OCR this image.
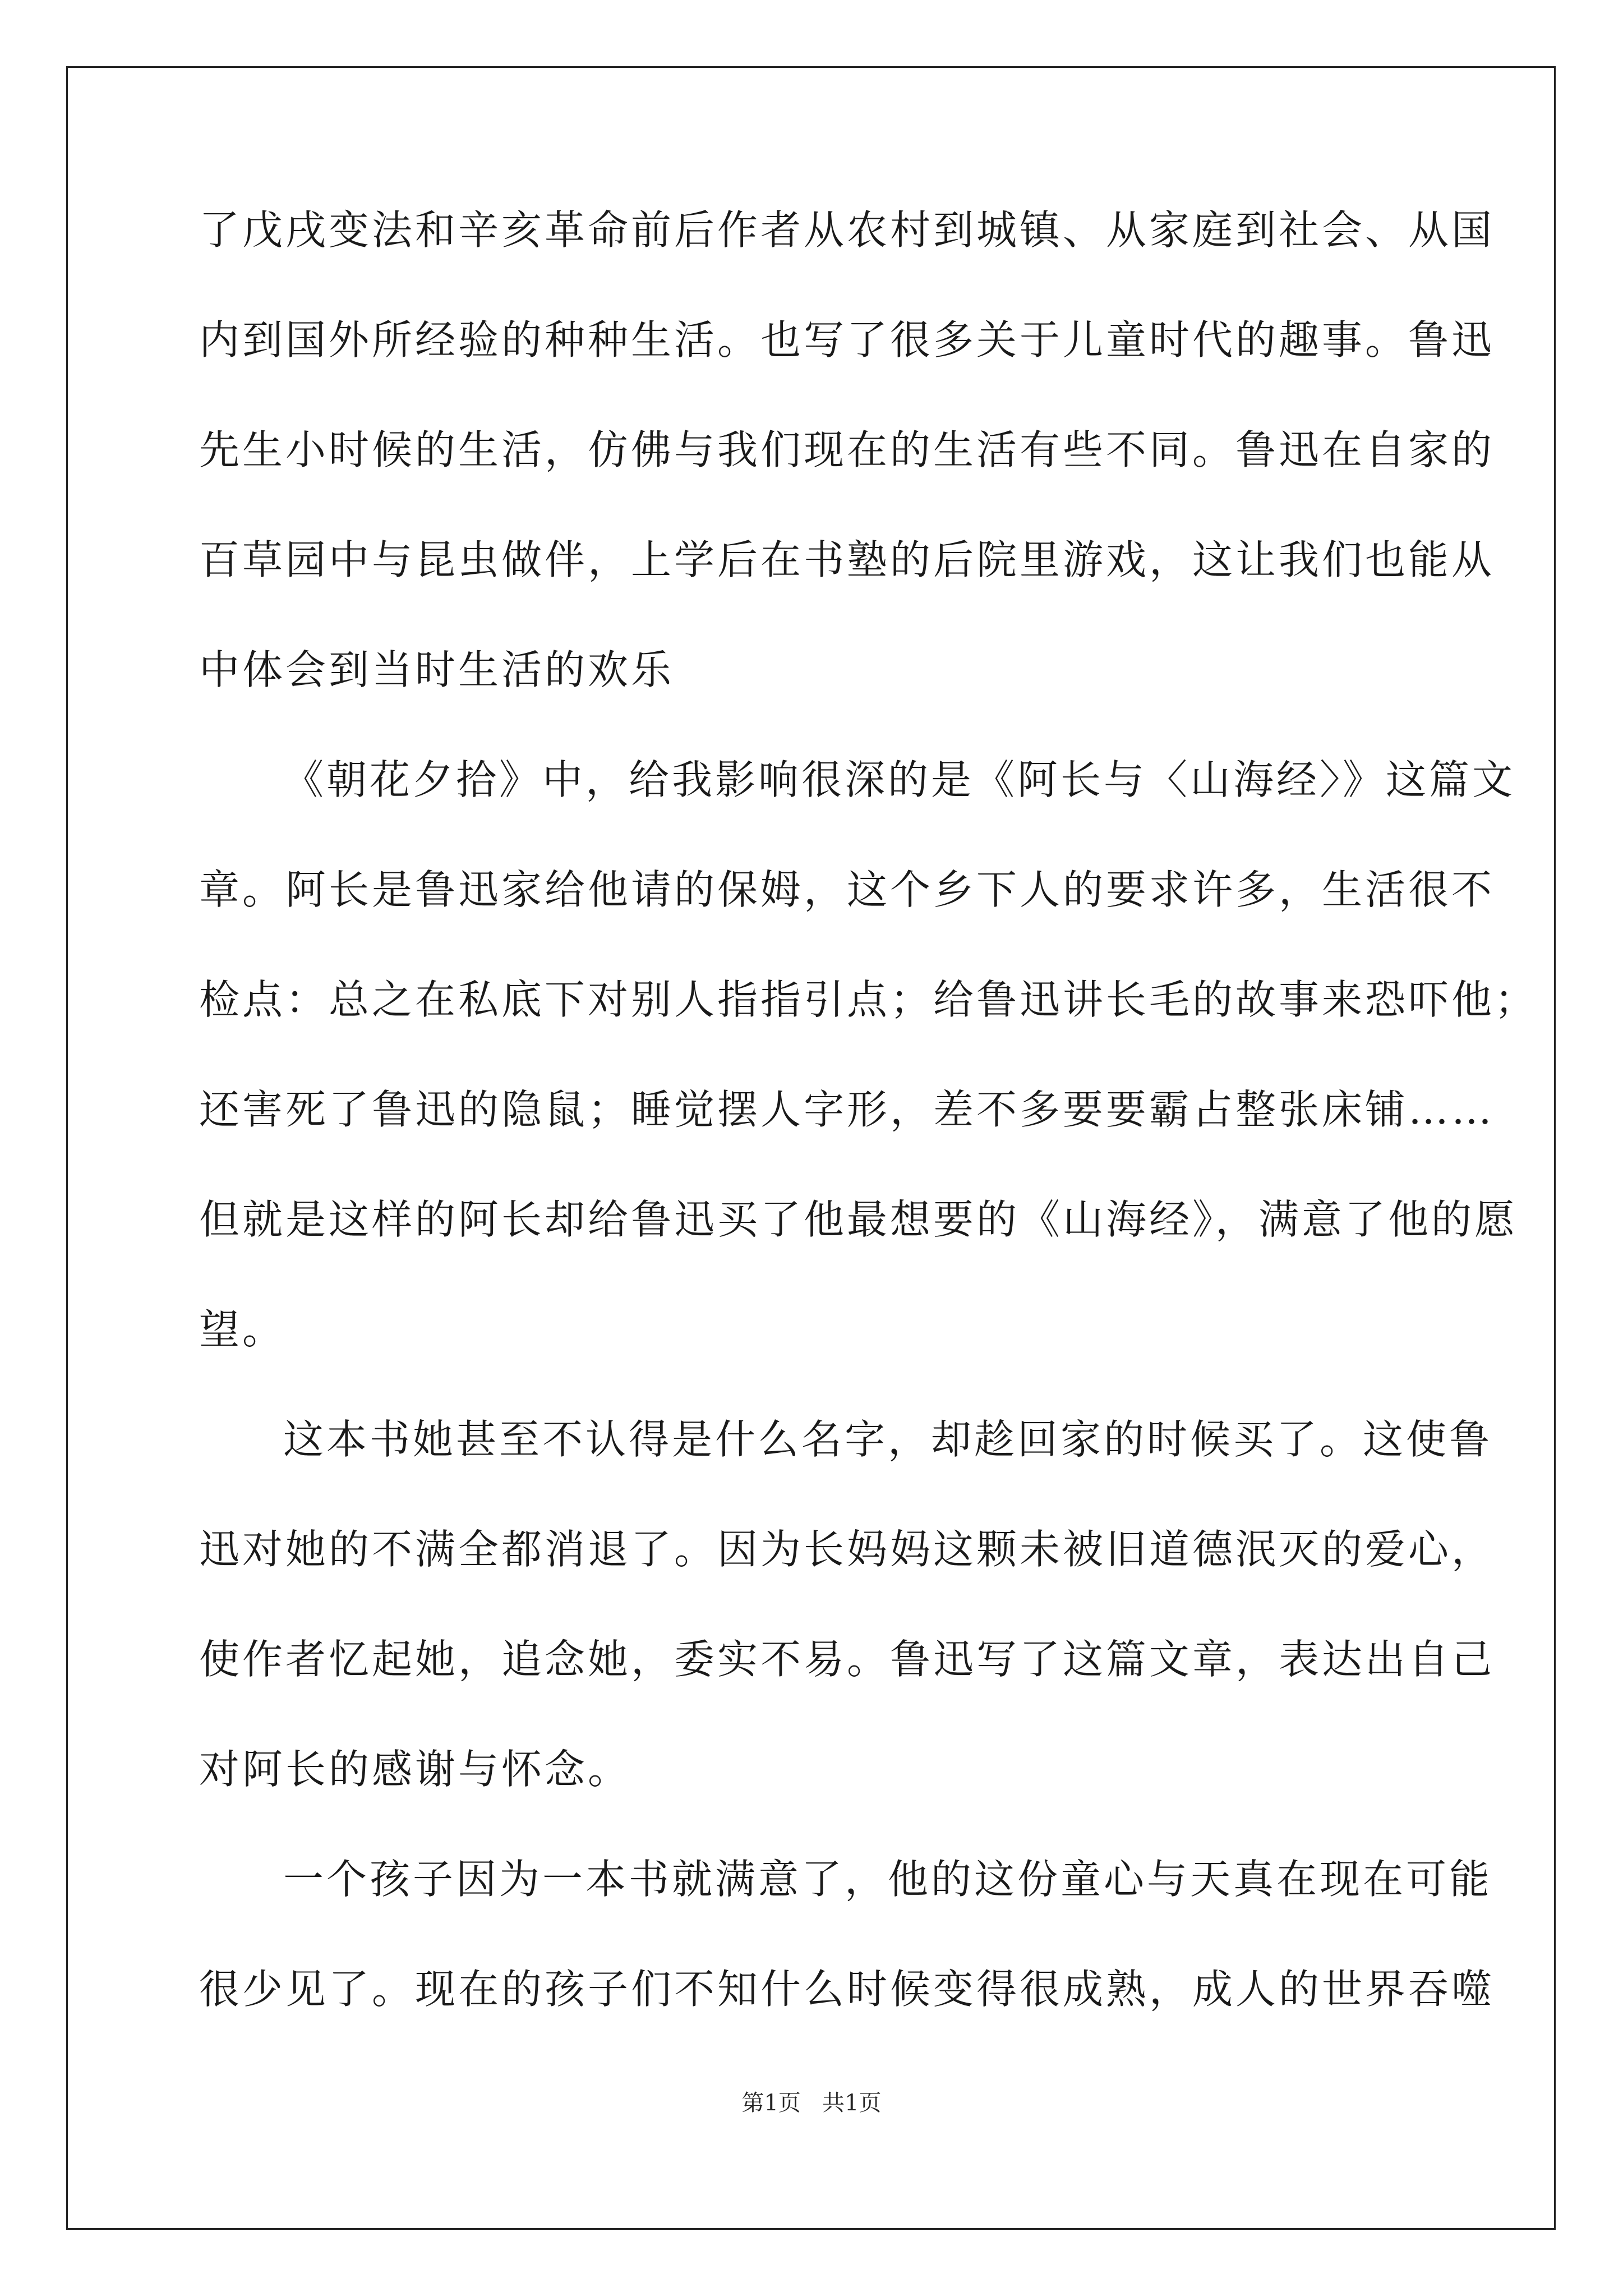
了戊戌变法和辛亥革命前后作者从农村到城镇、从家庭到社会、从国
内到国外所经验的种种生活。也写了很多关于儿童时代的趣事。鲁迅
先生小时候的生活，仿佛与我们现在的生活有些不同。鲁迅在自家的
百草园中与昆虫做伴，上学后在书塾的后院里游戏，这让我们也能从
中体会到当时生活的欢乐
《朝花夕拾》中，给我影响很深的是《阿长与〈山海经〉》这篇文
章。阿长是鲁迅家给他请的保姆，这个乡下人的要求许多，生活很不
检点：总之在私底下对别人指指引点；给鲁迅讲长毛的故事来恐吓他；
还害死了鲁迅的隐鼠；睡觉摆人字形，差不多要要霸占整张床铺……
但就是这样的阿长却给鲁迅买了他最想要的《山海经》，满意了他的愿
望。
这本书她甚至不认得是什么名字，却趁回家的时候买了。这使鲁
迅对她的不满全都消退了。因为长妈妈这颗未被旧道德泯灭的爱心，
使作者忆起她，追念她，委实不易。鲁迅写了这篇文章，表达出自己
对阿长的感谢与怀念。
一个孩子因为一本书就满意了，他的这份童心与天真在现在可能
很少见了。现在的孩子们不知什么时候变得很成熟，成人的世界吞噬
第1页   共1页
